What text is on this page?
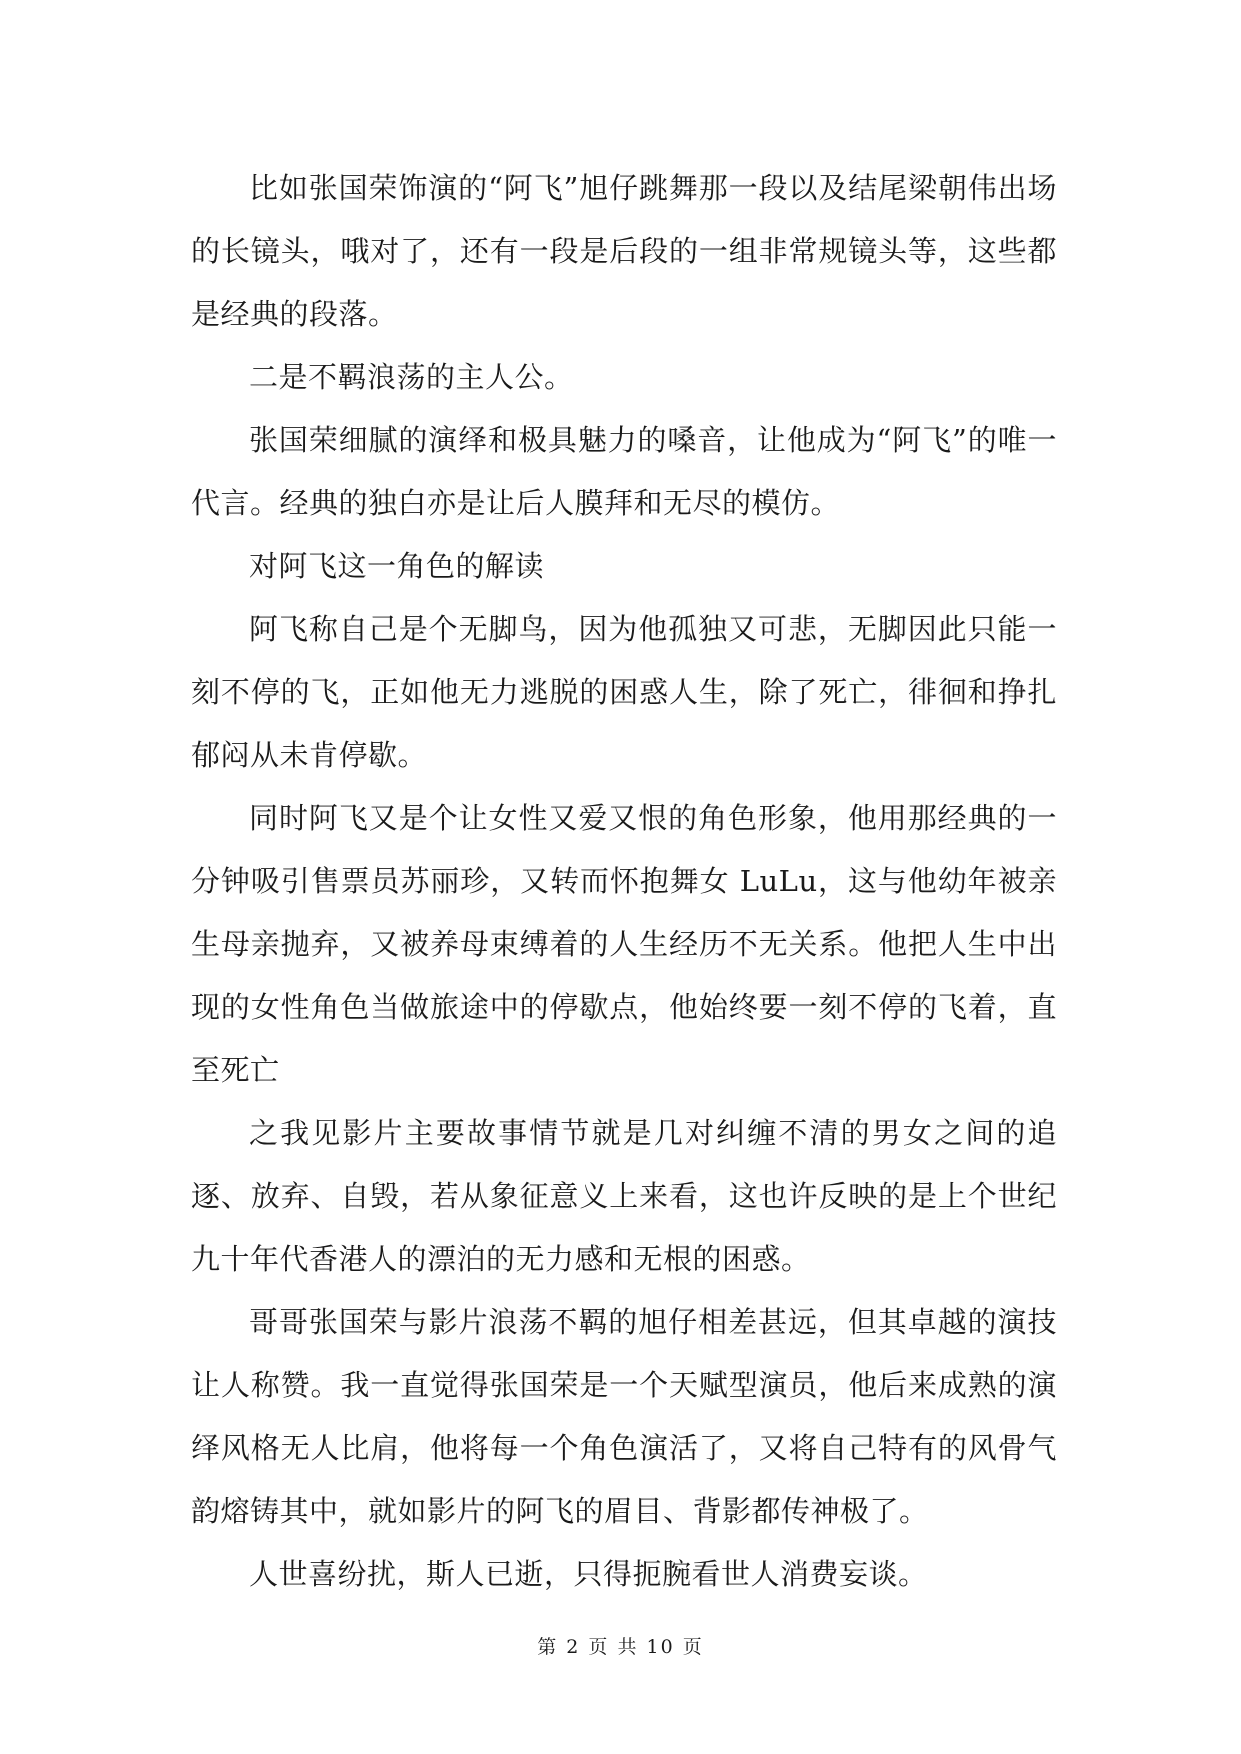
比如张国荣饰演的“阿飞”旭仔跳舞那一段以及结尾梁朝伟出场的长镜头，哦对了，还有一段是后段的一组非常规镜头等，这些都是经典的段落。

二是不羁浪荡的主人公。

张国荣细腻的演绎和极具魅力的嗓音，让他成为“阿飞”的唯一代言。经典的独白亦是让后人膜拜和无尽的模仿。

对阿飞这一角色的解读

阿飞称自己是个无脚鸟，因为他孤独又可悲，无脚因此只能一刻不停的飞，正如他无力逃脱的困惑人生，除了死亡，徘徊和挣扎郁闷从未肯停歇。

同时阿飞又是个让女性又爱又恨的角色形象，他用那经典的一分钟吸引售票员苏丽珍，又转而怀抱舞女 LuLu，这与他幼年被亲生母亲抛弃，又被养母束缚着的人生经历不无关系。他把人生中出现的女性角色当做旅途中的停歇点，他始终要一刻不停的飞着，直至死亡

之我见影片主要故事情节就是几对纠缠不清的男女之间的追逐、放弃、自毁，若从象征意义上来看，这也许反映的是上个世纪九十年代香港人的漂泊的无力感和无根的困惑。

哥哥张国荣与影片浪荡不羁的旭仔相差甚远，但其卓越的演技让人称赞。我一直觉得张国荣是一个天赋型演员，他后来成熟的演绎风格无人比肩，他将每一个角色演活了，又将自己特有的风骨气韵熔铸其中，就如影片的阿飞的眉目、背影都传神极了。

人世喜纷扰，斯人已逝，只得扼腕看世人消费妄谈。

第 2 页 共 10 页
